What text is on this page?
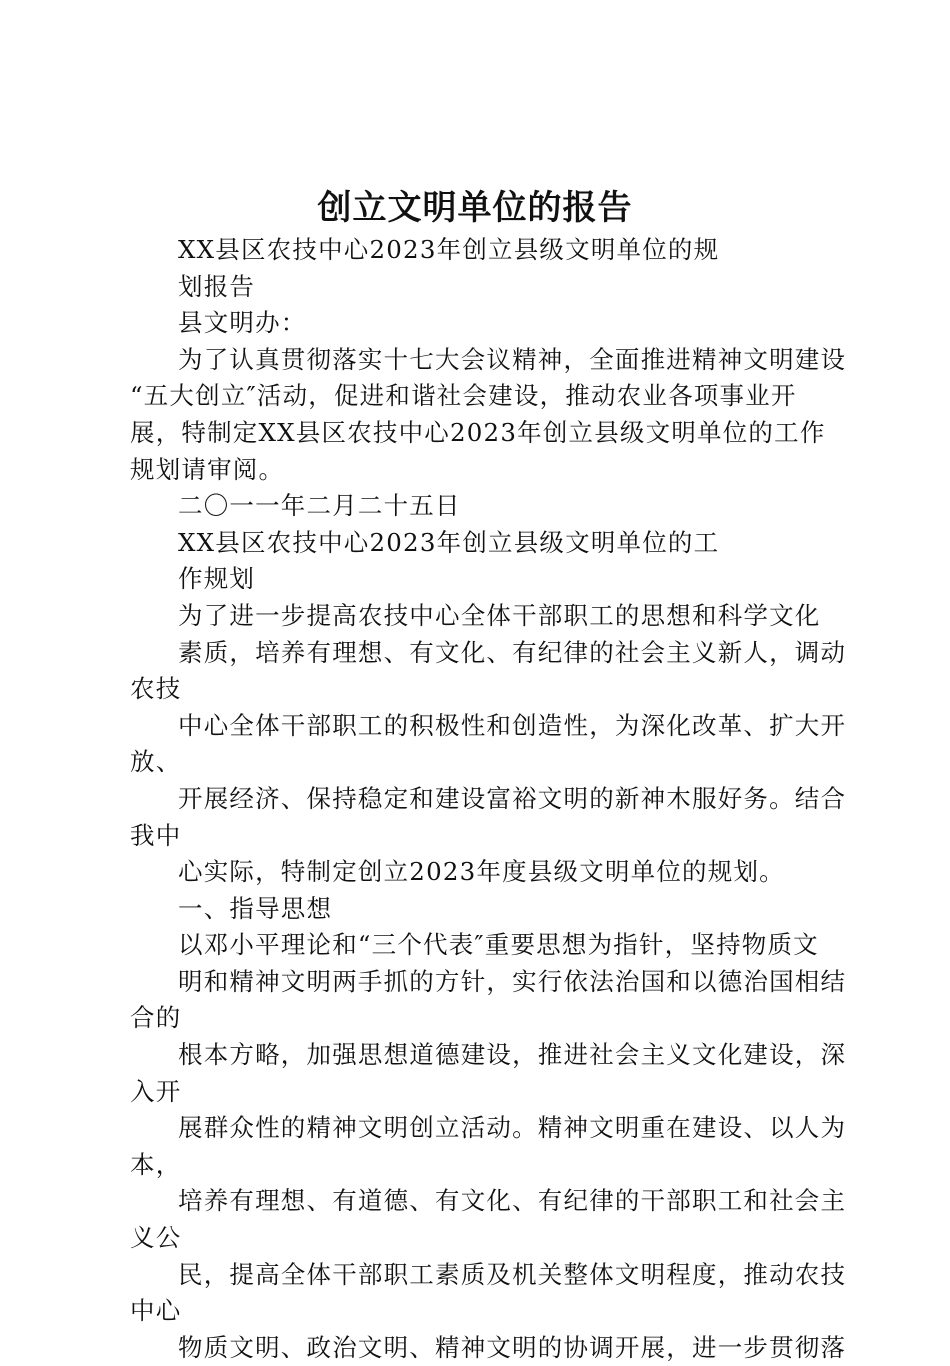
创立文明单位的报告
XX县区农技中心2023年创立县级文明单位的规
划报告
县文明办：
为了认真贯彻落实十七大会议精神，全面推进精神文明建设
“五大创立″活动，促进和谐社会建设，推动农业各项事业开
展，特制定XX县区农技中心2023年创立县级文明单位的工作
规划请审阅。
二〇一一年二月二十五日
XX县区农技中心2023年创立县级文明单位的工
作规划
为了进一步提高农技中心全体干部职工的思想和科学文化
素质，培养有理想、有文化、有纪律的社会主义新人，调动
农技
中心全体干部职工的积极性和创造性，为深化改革、扩大开
放、
开展经济、保持稳定和建设富裕文明的新神木服好务。结合
我中
心实际，特制定创立2023年度县级文明单位的规划。
一、指导思想
以邓小平理论和“三个代表″重要思想为指针，坚持物质文
明和精神文明两手抓的方针，实行依法治国和以德治国相结
合的
根本方略，加强思想道德建设，推进社会主义文化建设，深
入开
展群众性的精神文明创立活动。精神文明重在建设、以人为
本，
培养有理想、有道德、有文化、有纪律的干部职工和社会主
义公
民，提高全体干部职工素质及机关整体文明程度，推动农技
中心
物质文明、政治文明、精神文明的协调开展，进一步贯彻落
